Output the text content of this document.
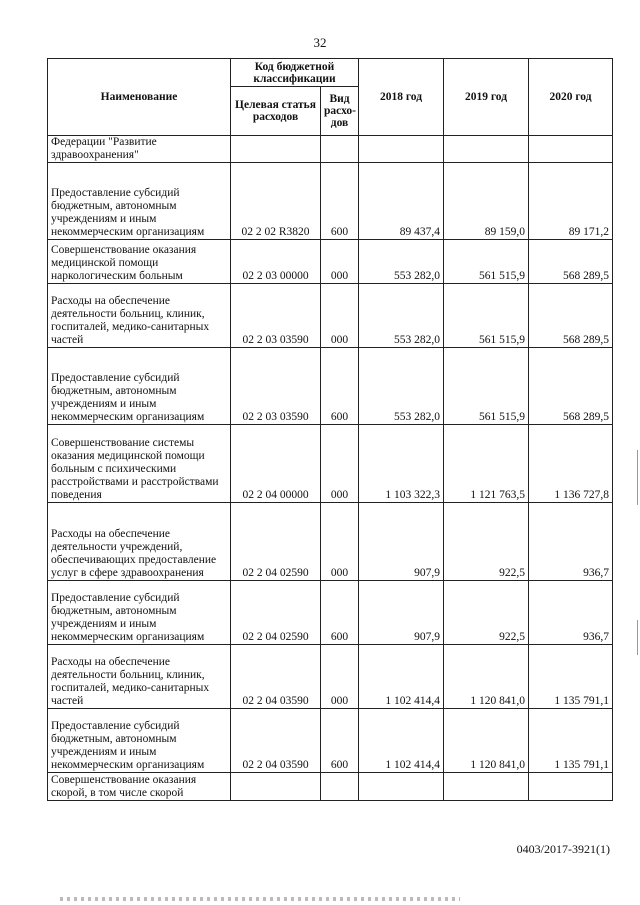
32
Наименование	Код бюджетной классификации		2018 год	2019 год	2020 год
	Целевая статья расходов	Вид расхо-дов			
Федерации "Развитие здравоохранения"					
Предоставление субсидий бюджетным, автономным учреждениям и иным некоммерческим организациям	02 2 02 R3820	600	89 437,4	89 159,0	89 171,2
Совершенствование оказания медицинской помощи наркологическим больным	02 2 03 00000	000	553 282,0	561 515,9	568 289,5
Расходы на обеспечение деятельности больниц, клиник, госпиталей, медико-санитарных частей	02 2 03 03590	000	553 282,0	561 515,9	568 289,5
Предоставление субсидий бюджетным, автономным учреждениям и иным некоммерческим организациям	02 2 03 03590	600	553 282,0	561 515,9	568 289,5
Совершенствование системы оказания медицинской помощи больным с психическими расстройствами и расстройствами поведения	02 2 04 00000	000	1 103 322,3	1 121 763,5	1 136 727,8
Расходы на обеспечение деятельности учреждений, обеспечивающих предоставление услуг в сфере здравоохранения	02 2 04 02590	000	907,9	922,5	936,7
Предоставление субсидий бюджетным, автономным учреждениям и иным некоммерческим организациям	02 2 04 02590	600	907,9	922,5	936,7
Расходы на обеспечение деятельности больниц, клиник, госпиталей, медико-санитарных частей	02 2 04 03590	000	1 102 414,4	1 120 841,0	1 135 791,1
Предоставление субсидий бюджетным, автономным учреждениям и иным некоммерческим организациям	02 2 04 03590	600	1 102 414,4	1 120 841,0	1 135 791,1
Совершенствование оказания скорой, в том числе скорой					
0403/2017-3921(1)
